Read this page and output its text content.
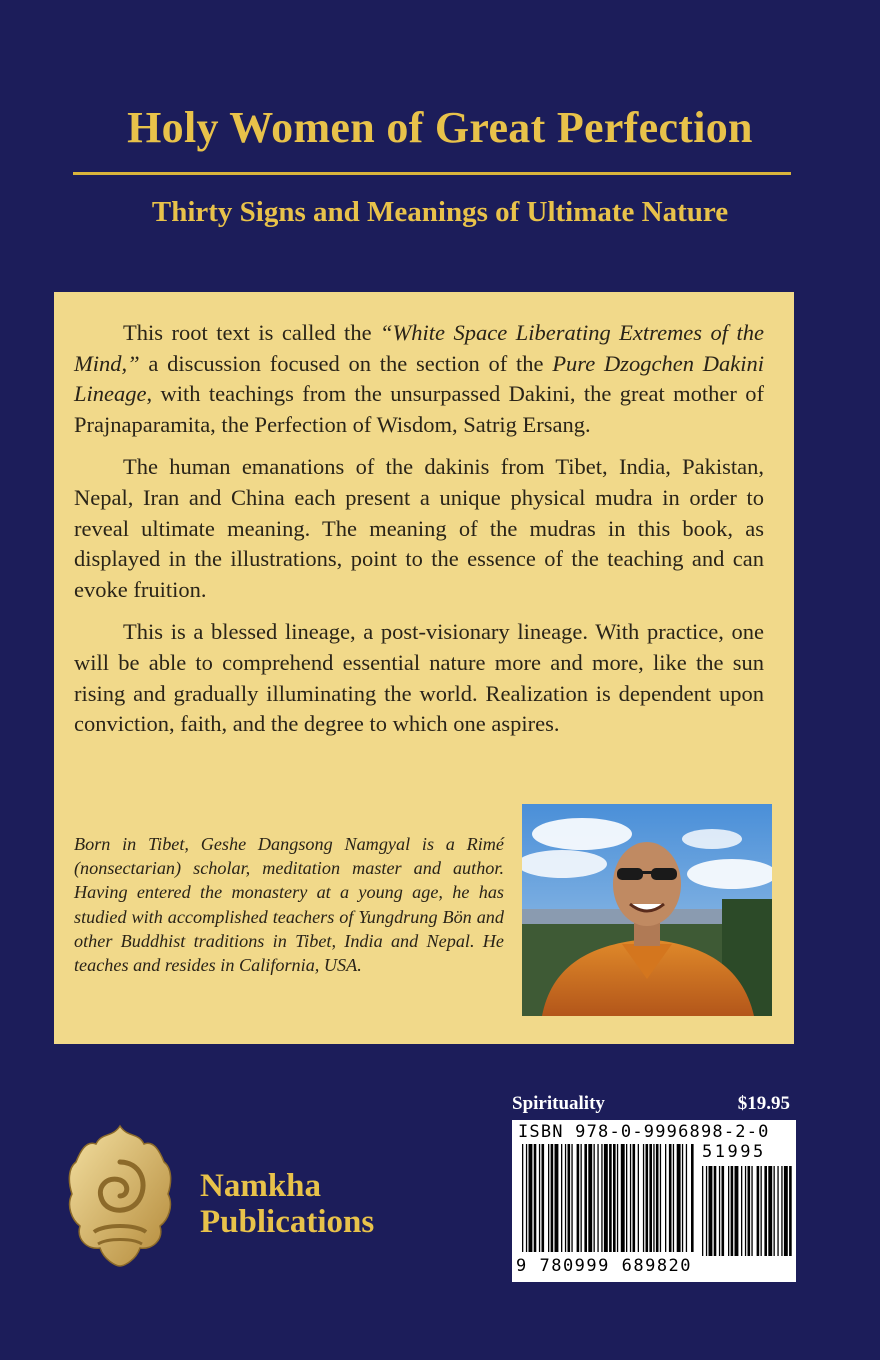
Holy Women of Great Perfection
Thirty Signs and Meanings of Ultimate Nature

This root text is called the “White Space Liberating Extremes of the Mind,” a discussion focused on the section of the Pure Dzogchen Dakini Lineage, with teachings from the unsurpassed Dakini, the great mother of Prajnaparamita, the Perfection of Wisdom, Satrig Ersang.

The human emanations of the dakinis from Tibet, India, Pakistan, Nepal, Iran and China each present a unique physical mudra in order to reveal ultimate meaning. The meaning of the mudras in this book, as displayed in the illustrations, point to the essence of the teaching and can evoke fruition.

This is a blessed lineage, a post-visionary lineage. With practice, one will be able to comprehend essential nature more and more, like the sun rising and gradually illuminating the world. Realization is dependent upon conviction, faith, and the degree to which one aspires.

Born in Tibet, Geshe Dangsong Namgyal is a Rimé (nonsectarian) scholar, meditation master and author. Having entered the monastery at a young age, he has studied with accomplished teachers of Yungdrung Bön and other Buddhist traditions in Tibet, India and Nepal. He teaches and resides in California, USA.
Namkha
Publications
Spirituality	$19.95
ISBN 978-0-9996898-2-0
51995
9 780999 689820
